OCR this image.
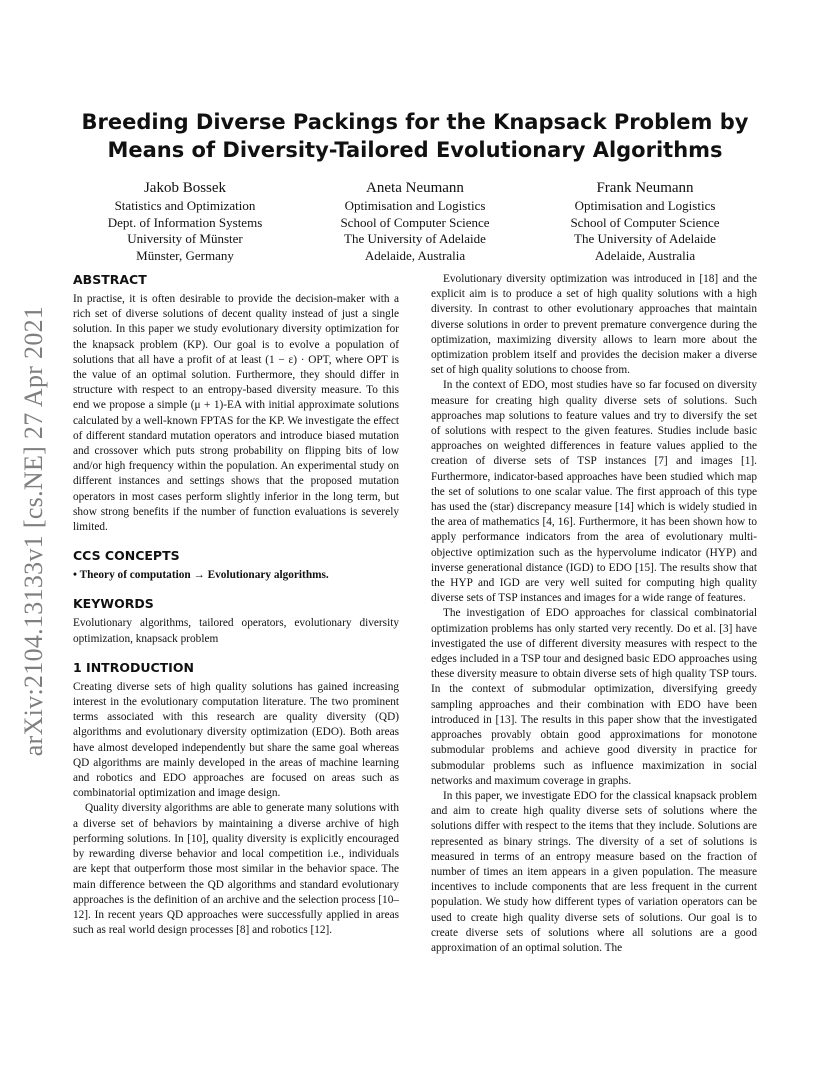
arXiv:2104.13133v1 [cs.NE] 27 Apr 2021
Breeding Diverse Packings for the Knapsack Problem by Means of Diversity-Tailored Evolutionary Algorithms
Jakob Bossek
Statistics and Optimization
Dept. of Information Systems
University of Münster
Münster, Germany
Aneta Neumann
Optimisation and Logistics
School of Computer Science
The University of Adelaide
Adelaide, Australia
Frank Neumann
Optimisation and Logistics
School of Computer Science
The University of Adelaide
Adelaide, Australia
ABSTRACT

In practise, it is often desirable to provide the decision-maker with a rich set of diverse solutions of decent quality instead of just a single solution. In this paper we study evolutionary diversity optimization for the knapsack problem (KP). Our goal is to evolve a population of solutions that all have a profit of at least (1 − ε) · OPT, where OPT is the value of an optimal solution. Furthermore, they should differ in structure with respect to an entropy-based diversity measure. To this end we propose a simple (μ + 1)-EA with initial approximate solutions calculated by a well-known FPTAS for the KP. We investigate the effect of different standard mutation operators and introduce biased mutation and crossover which puts strong probability on flipping bits of low and/or high frequency within the population. An experimental study on different instances and settings shows that the proposed mutation operators in most cases perform slightly inferior in the long term, but show strong benefits if the number of function evaluations is severely limited.

CCS CONCEPTS

• Theory of computation → Evolutionary algorithms.

KEYWORDS

Evolutionary algorithms, tailored operators, evolutionary diversity optimization, knapsack problem

1 INTRODUCTION

Creating diverse sets of high quality solutions has gained increasing interest in the evolutionary computation literature. The two prominent terms associated with this research are quality diversity (QD) algorithms and evolutionary diversity optimization (EDO). Both areas have almost developed independently but share the same goal whereas QD algorithms are mainly developed in the areas of machine learning and robotics and EDO approaches are focused on areas such as combinatorial optimization and image design.

Quality diversity algorithms are able to generate many solutions with a diverse set of behaviors by maintaining a diverse archive of high performing solutions. In [10], quality diversity is explicitly encouraged by rewarding diverse behavior and local competition i.e., individuals are kept that outperform those most similar in the behavior space. The main difference between the QD algorithms and standard evolutionary approaches is the definition of an archive and the selection process [10–12]. In recent years QD approaches were successfully applied in areas such as real world design processes [8] and robotics [12].

Evolutionary diversity optimization was introduced in [18] and the explicit aim is to produce a set of high quality solutions with a high diversity. In contrast to other evolutionary approaches that maintain diverse solutions in order to prevent premature convergence during the optimization, maximizing diversity allows to learn more about the optimization problem itself and provides the decision maker a diverse set of high quality solutions to choose from.

In the context of EDO, most studies have so far focused on diversity measure for creating high quality diverse sets of solutions. Such approaches map solutions to feature values and try to diversify the set of solutions with respect to the given features. Studies include basic approaches on weighted differences in feature values applied to the creation of diverse sets of TSP instances [7] and images [1]. Furthermore, indicator-based approaches have been studied which map the set of solutions to one scalar value. The first approach of this type has used the (star) discrepancy measure [14] which is widely studied in the area of mathematics [4, 16]. Furthermore, it has been shown how to apply performance indicators from the area of evolutionary multi-objective optimization such as the hypervolume indicator (HYP) and inverse generational distance (IGD) to EDO [15]. The results show that the HYP and IGD are very well suited for computing high quality diverse sets of TSP instances and images for a wide range of features.

The investigation of EDO approaches for classical combinatorial optimization problems has only started very recently. Do et al. [3] have investigated the use of different diversity measures with respect to the edges included in a TSP tour and designed basic EDO approaches using these diversity measure to obtain diverse sets of high quality TSP tours. In the context of submodular optimization, diversifying greedy sampling approaches and their combination with EDO have been introduced in [13]. The results in this paper show that the investigated approaches provably obtain good approximations for monotone submodular problems and achieve good diversity in practice for submodular problems such as influence maximization in social networks and maximum coverage in graphs.

In this paper, we investigate EDO for the classical knapsack problem and aim to create high quality diverse sets of solutions where the solutions differ with respect to the items that they include. Solutions are represented as binary strings. The diversity of a set of solutions is measured in terms of an entropy measure based on the fraction of number of times an item appears in a given population. The measure incentives to include components that are less frequent in the current population. We study how different types of variation operators can be used to create high quality diverse sets of solutions. Our goal is to create diverse sets of solutions where all solutions are a good approximation of an optimal solution. The
